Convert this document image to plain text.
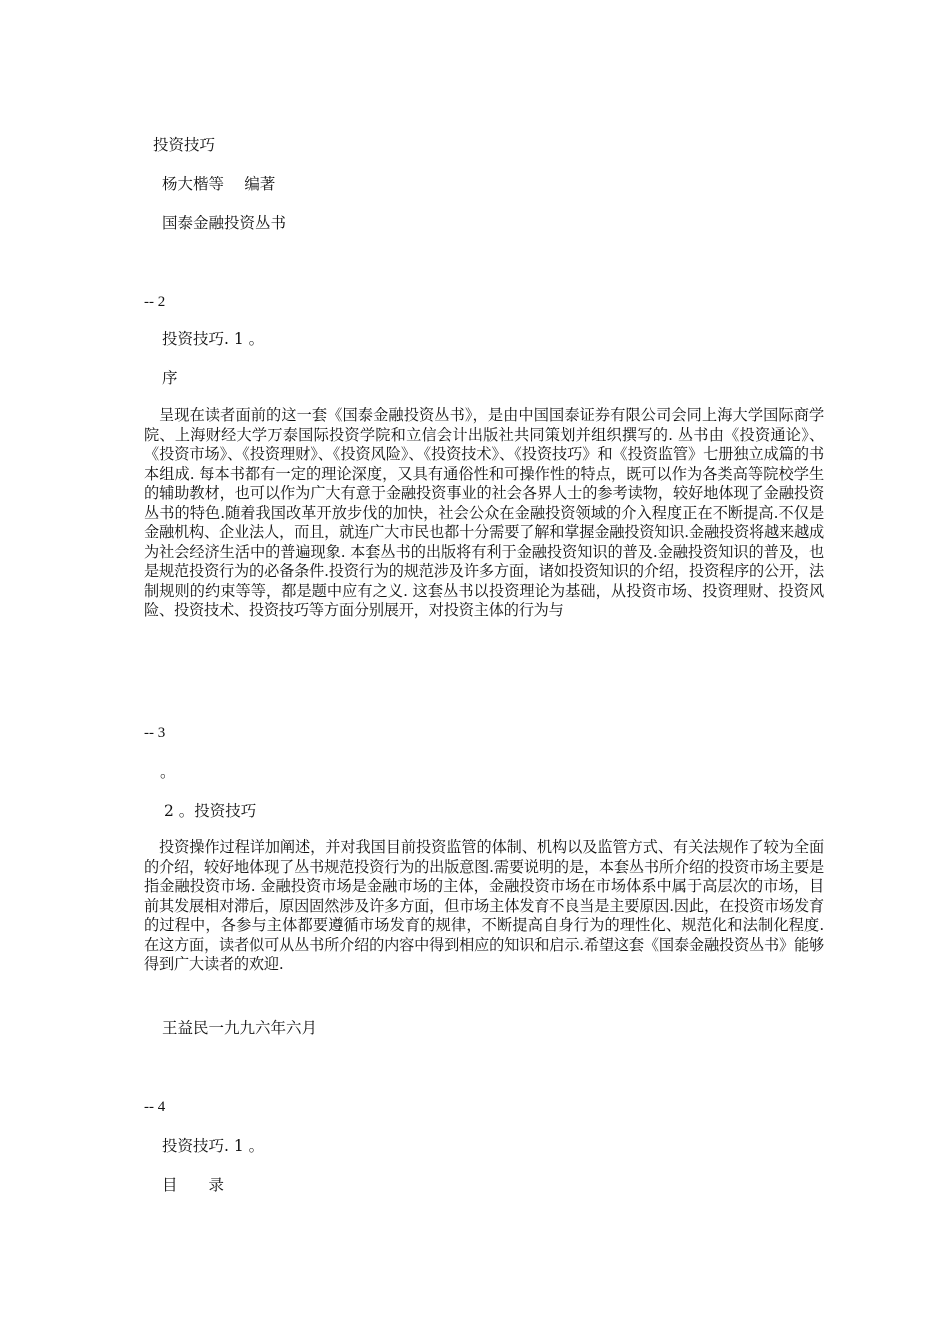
投资技巧
杨大楷等　 编著
国泰金融投资丛书
-- 2
投资技巧. 1 。
序
呈现在读者面前的这一套《国泰金融投资丛书》，是由中国国泰证券有限公司会同上海大学国际商学院、上海财经大学万泰国际投资学院和立信会计出版社共同策划并组织撰写的. 丛书由《投资通论》、《投资市场》、《投资理财》、《投资风险》、《投资技术》、《投资技巧》和《投资监管》七册独立成篇的书本组成. 每本书都有一定的理论深度，又具有通俗性和可操作性的特点，既可以作为各类高等院校学生的辅助教材，也可以作为广大有意于金融投资事业的社会各界人士的参考读物，较好地体现了金融投资丛书的特色.随着我国改革开放步伐的加快，社会公众在金融投资领域的介入程度正在不断提高.不仅是金融机构、企业法人，而且，就连广大市民也都十分需要了解和掌握金融投资知识.金融投资将越来越成为社会经济生活中的普遍现象. 本套丛书的出版将有利于金融投资知识的普及.金融投资知识的普及，也是规范投资行为的必备条件.投资行为的规范涉及许多方面，诸如投资知识的介绍，投资程序的公开，法制规则的约束等等，都是题中应有之义. 这套丛书以投资理论为基础，从投资市场、投资理财、投资风险、投资技术、投资技巧等方面分别展开，对投资主体的行为与
-- 3
。
2 。投资技巧
投资操作过程详加阐述，并对我国目前投资监管的体制、机构以及监管方式、有关法规作了较为全面的介绍，较好地体现了丛书规范投资行为的出版意图.需要说明的是，本套丛书所介绍的投资市场主要是指金融投资市场. 金融投资市场是金融市场的主体，金融投资市场在市场体系中属于高层次的市场，目前其发展相对滞后，原因固然涉及许多方面，但市场主体发育不良当是主要原因.因此，在投资市场发育的过程中，各参与主体都要遵循市场发育的规律，不断提高自身行为的理性化、规范化和法制化程度. 在这方面，读者似可从丛书所介绍的内容中得到相应的知识和启示.希望这套《国泰金融投资丛书》能够得到广大读者的欢迎.
王益民一九九六年六月
-- 4
投资技巧. 1 。
目　　录
